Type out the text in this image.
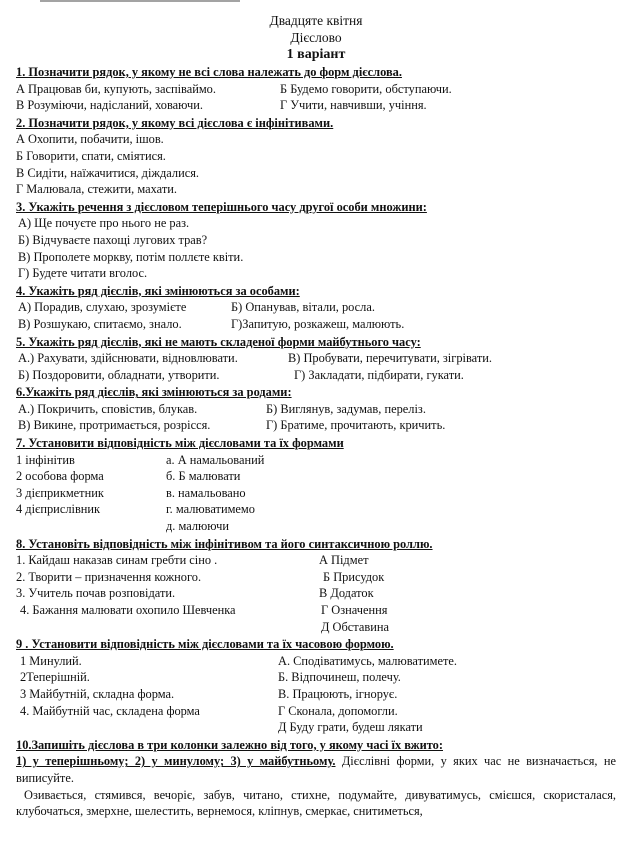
Двадцяте квітня
Дієслово
1 варіант
1. Позначити рядок, у якому не всі слова належать до форм дієслова.
А Працював би, купують, заспіваймо.	Б Будемо говорити, обступаючи.
В Розуміючи, надісланий, ховаючи.	Г Учити, навчивши, учіння.
2. Позначити рядок, у якому всі дієслова є інфінітивами.
А Охопити, побачити, ішов.
Б Говорити, спати, сміятися.
В Сидіти, наїжачитися, діждалися.
Г Малювала, стежити, махати.
3. Укажіть речення з дієсловом теперішнього часу другої особи множини:
А) Ще почуєте про нього не раз.
Б) Відчуваєте пахощі лугових трав?
В) Прополете моркву, потім поллєте квіти.
Г) Будете читати вголос.
4. Укажіть ряд дієслів, які змінюються за особами:
А) Порадив, слухаю, зрозумієте	Б) Опанував, вітали, росла.
В) Розшукаю, спитаємо, знало.	Г)Запитую, розкажеш, малюють.
5. Укажіть ряд дієслів, які не мають складеної форми майбутнього часу:
А.) Рахувати, здійснювати, відновлювати.	В) Пробувати, перечитувати, зігрівати.
Б) Поздоровити, обладнати, утворити.	Г) Закладати, підбирати, гукати.
6.Укажіть ряд дієслів, які змінюються за родами:
А.) Покричить, сповістив, блукав.	Б) Виглянув, задумав, переліз.
В) Викине, протримається, розрісся.	Г) Братиме, прочитають, кричить.
7. Установити відповідність між дієсловами та їх формами
1 інфінітив	а. А намальований
2 особова форма	б. Б малювати
3 дієприкметник	в. намальовано
4 дієприслівник	г. малюватимемо
д. малюючи
8. Установіть відповідність між інфінітивом та його синтаксичною роллю.
1. Кайдаш наказав синам гребти сіно .	А Підмет
2. Творити – призначення кожного.	Б Присудок
3. Учитель почав розповідати.	В Додаток
4. Бажання малювати охопило Шевченка	Г Означення
Д Обставина
9 . Установити відповідність між дієсловами та їх часовою формою.
1 Минулий.	А. Сподіватимусь, малюватимете.
2Теперішній.	Б. Відпочинеш, полечу.
3 Майбутній, складна форма.	В. Працюють, ігнорує.
4. Майбутній час, складена форма	Г Сконала, допомогли.
Д Буду грати, будеш лякати
10.Запишіть дієслова в три колонки залежно від того, у якому часі їх вжито:
1) у теперішньому; 2) у минулому; 3) у майбутньому. Дієслівні форми, у яких час не визначається, не виписуйте.
Озивається, стямився, вечоріє, забув, читано, стихне, подумайте, дивуватимусь, смієшся, скористалася, клубочаться, змерхне, шелестить, вернемося, кліпнув, смеркає, снитиметься,
